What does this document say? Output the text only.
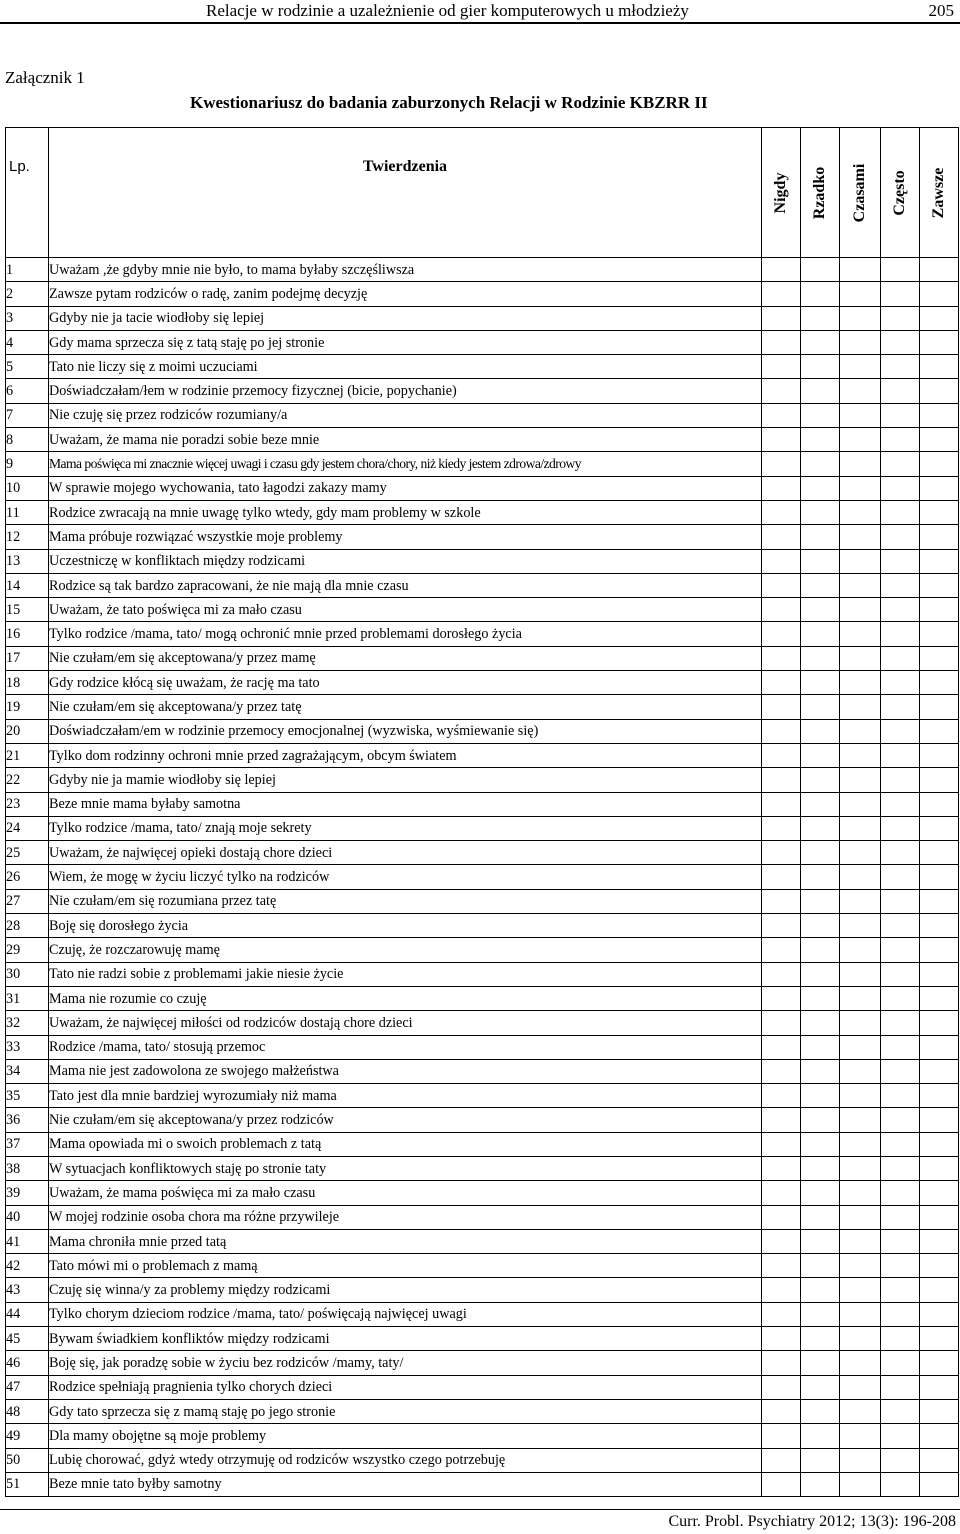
Relacje w rodzinie a uzależnienie od gier komputerowych u młodzieży	205
Załącznik 1
Kwestionariusz do badania zaburzonych Relacji w Rodzinie KBZRR II
Lp.	Twierdzenia	Nigdy	Rzadko	Czasami	Często	Zawsze

1	Uważam ,że gdyby mnie nie było, to mama byłaby szczęśliwsza					
2	Zawsze pytam rodziców o radę, zanim podejmę decyzję					
3	Gdyby nie ja tacie wiodłoby się lepiej					
4	Gdy mama sprzecza się z tatą staję po jej stronie					
5	Tato nie liczy się z moimi uczuciami					
6	Doświadczałam/łem w rodzinie przemocy fizycznej (bicie, popychanie)					
7	Nie czuję się przez rodziców rozumiany/a					
8	Uważam, że mama nie poradzi sobie beze mnie					
9	Mama poświęca mi znacznie więcej uwagi i czasu gdy jestem chora/chory, niż kiedy jestem zdrowa/zdrowy					
10	W sprawie mojego wychowania, tato łagodzi zakazy mamy					
11	Rodzice zwracają na mnie uwagę tylko wtedy, gdy mam problemy w szkole					
12	Mama próbuje rozwiązać wszystkie moje problemy					
13	Uczestniczę w konfliktach między rodzicami					
14	Rodzice są tak bardzo zapracowani, że nie mają dla mnie czasu					
15	Uważam, że tato poświęca mi za mało czasu					
16	Tylko rodzice /mama, tato/ mogą ochronić mnie przed problemami dorosłego życia					
17	Nie czułam/em się akceptowana/y przez mamę					
18	Gdy rodzice kłócą się uważam, że rację ma tato					
19	Nie czułam/em się akceptowana/y przez tatę					
20	Doświadczałam/em w rodzinie przemocy emocjonalnej (wyzwiska, wyśmiewanie się)					
21	Tylko dom rodzinny ochroni mnie przed zagrażającym, obcym światem					
22	Gdyby nie ja mamie wiodłoby się lepiej					
23	Beze mnie mama byłaby samotna					
24	Tylko rodzice /mama, tato/ znają moje sekrety					
25	Uważam, że najwięcej opieki dostają chore dzieci					
26	Wiem, że mogę w życiu liczyć tylko na rodziców					
27	Nie czułam/em się rozumiana przez tatę					
28	Boję się dorosłego życia					
29	Czuję, że rozczarowuję mamę					
30	Tato nie radzi sobie z problemami jakie niesie życie					
31	Mama nie rozumie co czuję					
32	Uważam, że najwięcej miłości od rodziców dostają chore dzieci					
33	Rodzice /mama, tato/ stosują przemoc					
34	Mama nie jest zadowolona ze swojego małżeństwa					
35	Tato jest dla mnie bardziej wyrozumiały niż mama					
36	Nie czułam/em się akceptowana/y przez rodziców					
37	Mama opowiada mi o swoich problemach z tatą					
38	W sytuacjach konfliktowych staję po stronie taty					
39	Uważam, że mama poświęca mi za mało czasu					
40	W mojej rodzinie osoba chora ma różne przywileje					
41	Mama chroniła mnie przed tatą					
42	Tato mówi mi o problemach z mamą					
43	Czuję się winna/y za problemy między rodzicami					
44	Tylko chorym dzieciom rodzice /mama, tato/ poświęcają najwięcej uwagi					
45	Bywam świadkiem konfliktów między rodzicami					
46	Boję się, jak poradzę sobie w życiu bez rodziców /mamy, taty/					
47	Rodzice spełniają pragnienia tylko chorych dzieci					
48	Gdy tato sprzecza się z mamą staję po jego stronie					
49	Dla mamy obojętne są moje problemy					
50	Lubię chorować, gdyż wtedy otrzymuję od rodziców wszystko czego potrzebuję					
51	Beze mnie tato byłby samotny					
Curr. Probl. Psychiatry 2012; 13(3): 196-208
